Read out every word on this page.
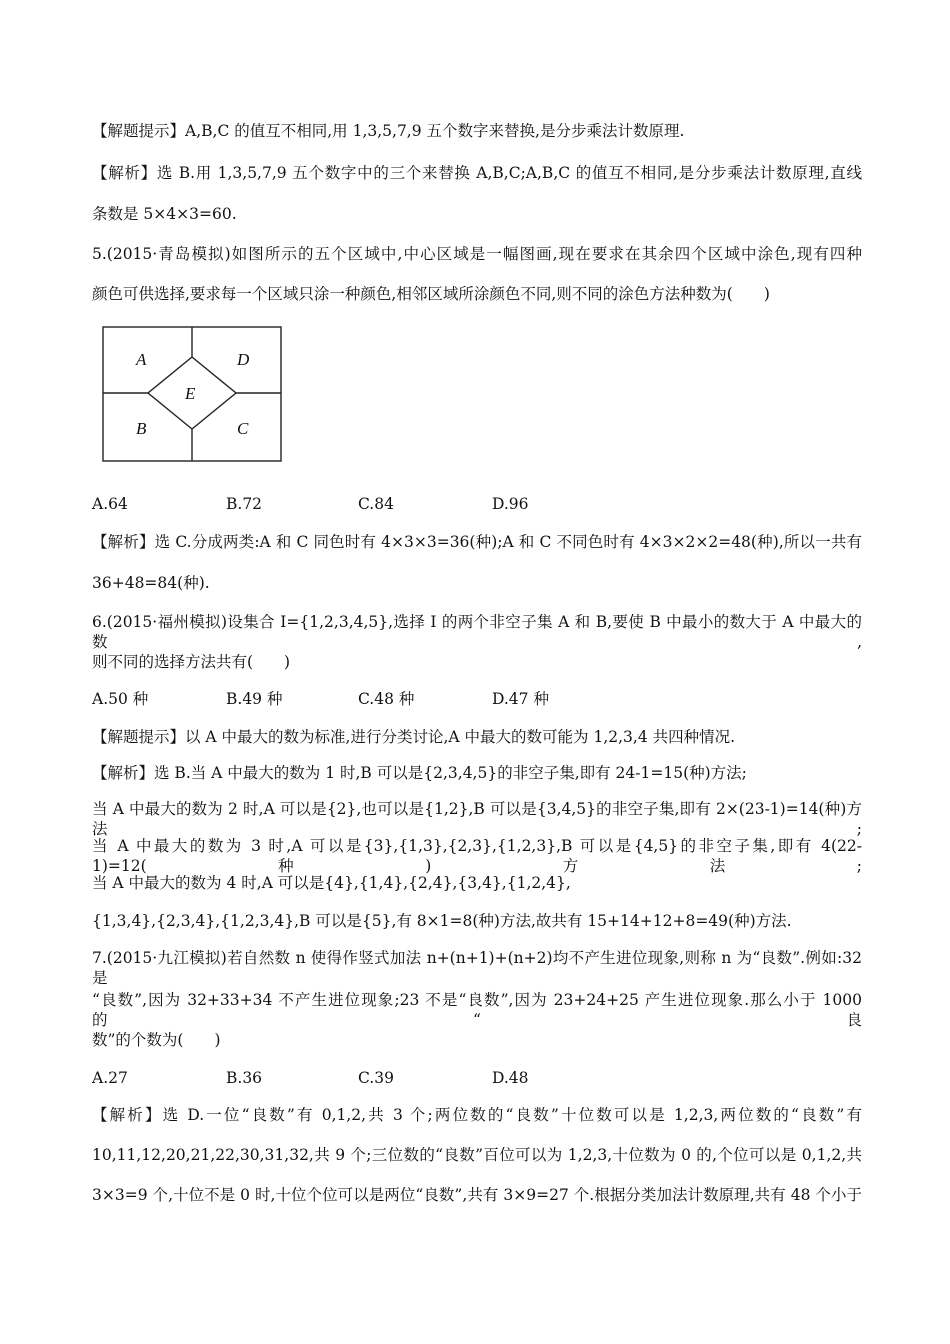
【解题提示】A,B,C 的值互不相同,用 1,3,5,7,9 五个数字来替换,是分步乘法计数原理.
【解析】选 B.用 1,3,5,7,9 五个数字中的三个来替换 A,B,C;A,B,C 的值互不相同,是分步乘法计数原理,直线
条数是 5×4×3=60.
5.(2015·青岛模拟)如图所示的五个区域中,中心区域是一幅图画,现在要求在其余四个区域中涂色,现有四种
颜色可供选择,要求每一个区域只涂一种颜色,相邻区域所涂颜色不同,则不同的涂色方法种数为(　　)
A	D
E
B	C
A.64	B.72	C.84	D.96
【解析】选 C.分成两类:A 和 C 同色时有 4×3×3=36(种);A 和 C 不同色时有 4×3×2×2=48(种),所以一共有
36+48=84(种).
6.(2015·福州模拟)设集合 I={1,2,3,4,5},选择 I 的两个非空子集 A 和 B,要使 B 中最小的数大于 A 中最大的数,
则不同的选择方法共有(　　)
A.50 种	B.49 种	C.48 种	D.47 种
【解题提示】以 A 中最大的数为标准,进行分类讨论,A 中最大的数可能为 1,2,3,4 共四种情况.
【解析】选 B.当 A 中最大的数为 1 时,B 可以是{2,3,4,5}的非空子集,即有 24-1=15(种)方法;
当 A 中最大的数为 2 时,A 可以是{2},也可以是{1,2},B 可以是{3,4,5}的非空子集,即有 2×(23-1)=14(种)方法;
当 A 中最大的数为 3 时,A 可以是{3},{1,3},{2,3},{1,2,3},B 可以是{4,5}的非空子集,即有 4(22-1)=12(种)方法;
当 A 中最大的数为 4 时,A 可以是{4},{1,4},{2,4},{3,4},{1,2,4},
{1,3,4},{2,3,4},{1,2,3,4},B 可以是{5},有 8×1=8(种)方法,故共有 15+14+12+8=49(种)方法.
7.(2015·九江模拟)若自然数 n 使得作竖式加法 n+(n+1)+(n+2)均不产生进位现象,则称 n 为“良数”.例如:32 是
“良数”,因为 32+33+34 不产生进位现象;23 不是“良数”,因为 23+24+25 产生进位现象.那么小于 1000 的“良
数”的个数为(　　)
A.27	B.36	C.39	D.48
【解析】选 D.一位“良数”有 0,1,2,共 3 个;两位数的“良数”十位数可以是 1,2,3,两位数的“良数”有
10,11,12,20,21,22,30,31,32,共 9 个;三位数的“良数”百位可以为 1,2,3,十位数为 0 的,个位可以是 0,1,2,共
3×3=9 个,十位不是 0 时,十位个位可以是两位“良数”,共有 3×9=27 个.根据分类加法计数原理,共有 48 个小于
